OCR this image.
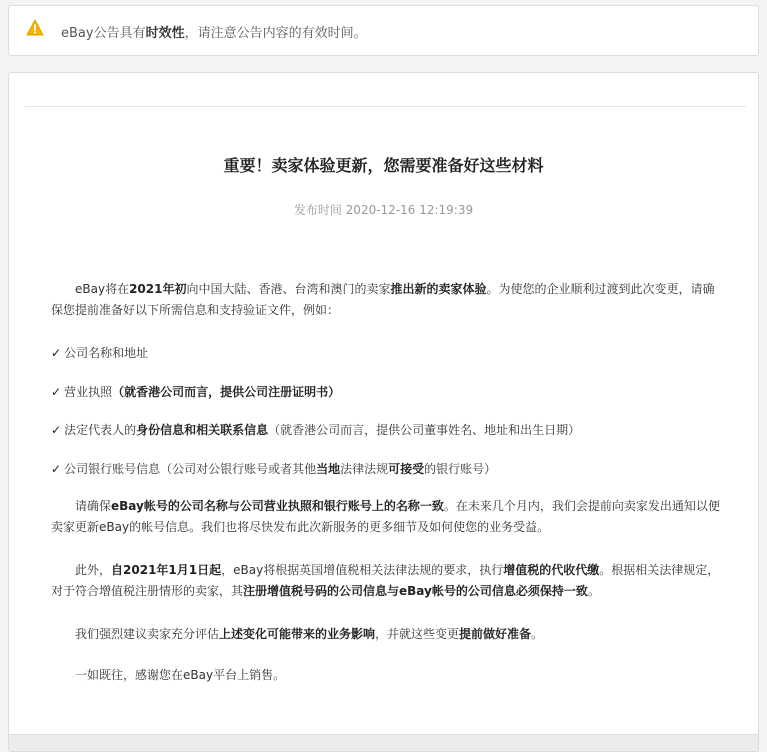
eBay公告具有时效性，请注意公告内容的有效时间。
重要！卖家体验更新，您需要准备好这些材料
发布时间 2020-12-16 12:19:39
eBay将在2021年初向中国大陆、香港、台湾和澳门的卖家推出新的卖家体验。为使您的企业顺利过渡到此次变更，请确保您提前准备好以下所需信息和支持验证文件，例如：
✓ 公司名称和地址
✓ 营业执照（就香港公司而言，提供公司注册证明书）
✓ 法定代表人的身份信息和相关联系信息（就香港公司而言，提供公司董事姓名、地址和出生日期）
✓ 公司银行账号信息（公司对公银行账号或者其他当地法律法规可接受的银行账号）
请确保eBay帐号的公司名称与公司营业执照和银行账号上的名称一致。在未来几个月内，我们会提前向卖家发出通知以便卖家更新eBay的帐号信息。我们也将尽快发布此次新服务的更多细节及如何使您的业务受益。
此外，自2021年1月1日起，eBay将根据英国增值税相关法律法规的要求，执行增值税的代收代缴。根据相关法律规定，对于符合增值税注册情形的卖家，其注册增值税号码的公司信息与eBay帐号的公司信息必须保持一致。
我们强烈建议卖家充分评估上述变化可能带来的业务影响，并就这些变更提前做好准备。
一如既往，感谢您在eBay平台上销售。
